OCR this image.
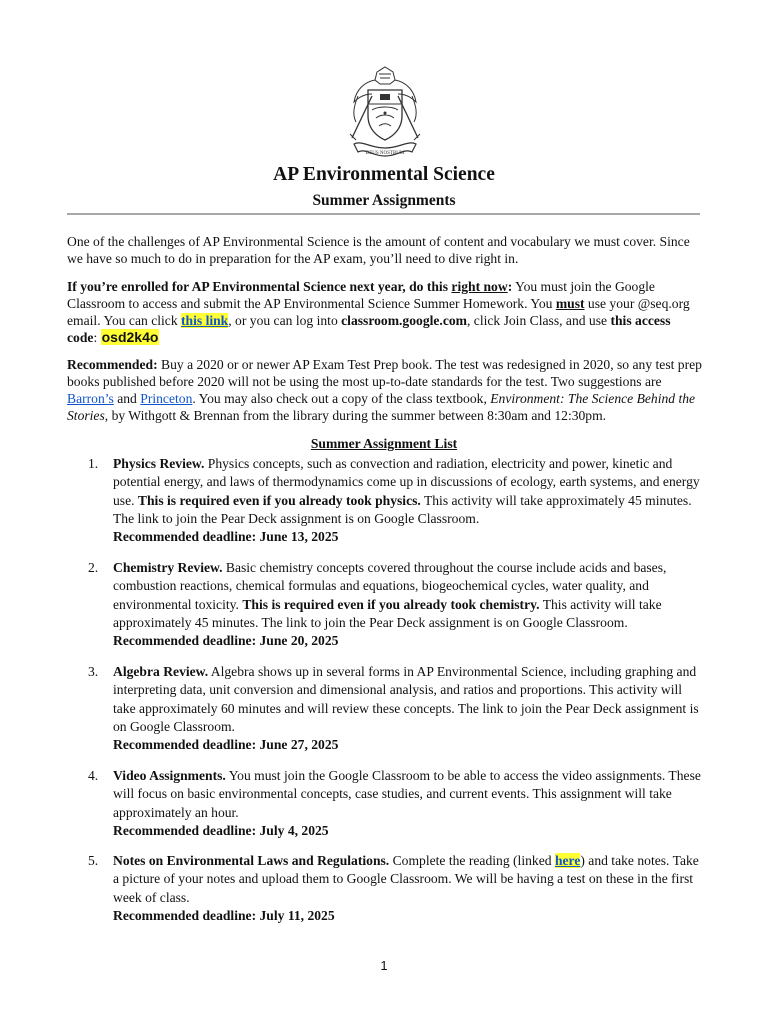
DEUS NOSTRUM
AP Environmental Science
Summer Assignments
One of the challenges of AP Environmental Science is the amount of content and vocabulary we must cover. Since we have so much to do in preparation for the AP exam, you’ll need to dive right in.
If you’re enrolled for AP Environmental Science next year, do this right now: You must join the Google Classroom to access and submit the AP Environmental Science Summer Homework. You must use your @seq.org email. You can click this link, or you can log into classroom.google.com, click Join Class, and use this access code: osd2k4o
Recommended: Buy a 2020 or or newer AP Exam Test Prep book. The test was redesigned in 2020, so any test prep books published before 2020 will not be using the most up-to-date standards for the test. Two suggestions are Barron’s and Princeton. You may also check out a copy of the class textbook, Environment: The Science Behind the Stories, by Withgott & Brennan from the library during the summer between 8:30am and 12:30pm.
Summer Assignment List
1.	Physics Review. Physics concepts, such as convection and radiation, electricity and power, kinetic and potential energy, and laws of thermodynamics come up in discussions of ecology, earth systems, and energy use. This is required even if you already took physics. This activity will take approximately 45 minutes. The link to join the Pear Deck assignment is on Google Classroom.
Recommended deadline: June 13, 2025
2.	Chemistry Review. Basic chemistry concepts covered throughout the course include acids and bases, combustion reactions, chemical formulas and equations, biogeochemical cycles, water quality, and environmental toxicity. This is required even if you already took chemistry. This activity will take approximately 45 minutes. The link to join the Pear Deck assignment is on Google Classroom.
Recommended deadline: June 20, 2025
3.	Algebra Review. Algebra shows up in several forms in AP Environmental Science, including graphing and interpreting data, unit conversion and dimensional analysis, and ratios and proportions. This activity will take approximately 60 minutes and will review these concepts. The link to join the Pear Deck assignment is on Google Classroom.
Recommended deadline: June 27, 2025
4.	Video Assignments. You must join the Google Classroom to be able to access the video assignments. These will focus on basic environmental concepts, case studies, and current events. This assignment will take approximately an hour.
Recommended deadline: July 4, 2025
5.	Notes on Environmental Laws and Regulations. Complete the reading (linked here) and take notes. Take a picture of your notes and upload them to Google Classroom. We will be having a test on these in the first week of class.
Recommended deadline: July 11, 2025
1
